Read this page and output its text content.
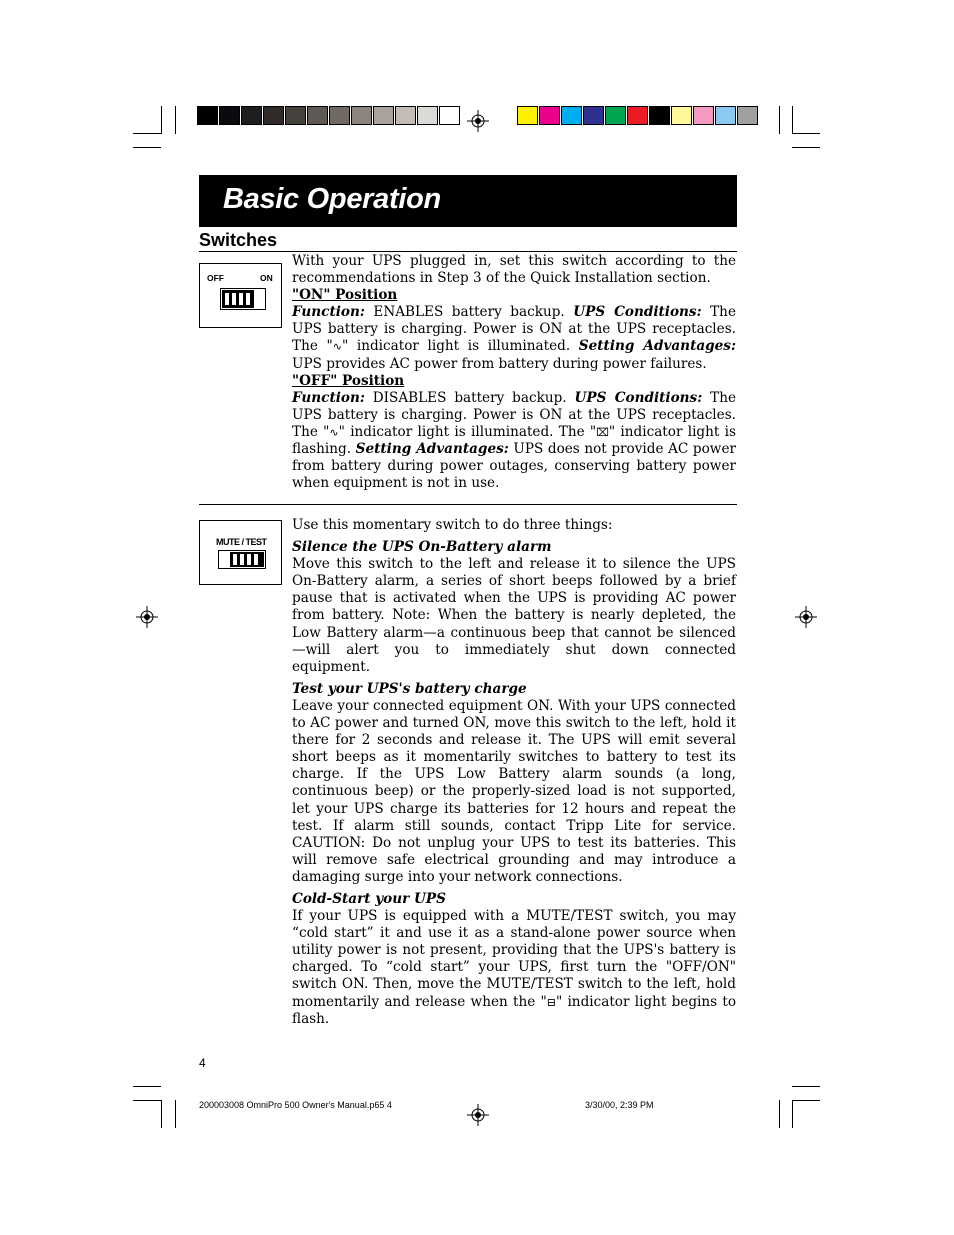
Basic Operation
Switches
OFF	ON

With your UPS plugged in, set this switch according to the recommendations in Step 3 of the Quick Installation section.

"ON" Position

Function: ENABLES battery backup. UPS Conditions: The UPS battery is charging. Power is ON at the UPS receptacles. The "∿" indicator light is illuminated. Setting Advantages: UPS provides AC power from battery during power failures.

"OFF" Position

Function: DISABLES battery backup. UPS Conditions: The UPS battery is charging. Power is ON at the UPS receptacles. The "∿" indicator light is illuminated. The "⌧" indicator light is flashing. Setting Advantages: UPS does not provide AC power from battery during power outages, conserving battery power when equipment is not in use.

MUTE / TEST

Use this momentary switch to do three things:

Silence the UPS On-Battery alarm

Move this switch to the left and release it to silence the UPS On-Battery alarm, a series of short beeps followed by a brief pause that is activated when the UPS is providing AC power from battery. Note: When the battery is nearly depleted, the Low Battery alarm—a continuous beep that cannot be silenced—will alert you to immediately shut down connected equipment.

Test your UPS's battery charge

Leave your connected equipment ON. With your UPS connected to AC power and turned ON, move this switch to the left, hold it there for 2 seconds and release it. The UPS will emit several short beeps as it momentarily switches to battery to test its charge. If the UPS Low Battery alarm sounds (a long, continuous beep) or the properly-sized load is not supported, let your UPS charge its batteries for 12 hours and repeat the test. If alarm still sounds, contact Tripp Lite for service. CAUTION: Do not unplug your UPS to test its batteries. This will remove safe electrical grounding and may introduce a damaging surge into your network connections.

Cold-Start your UPS

If your UPS is equipped with a MUTE/TEST switch, you may “cold start” it and use it as a stand-alone power source when utility power is not present, providing that the UPS's battery is charged. To “cold start” your UPS, first turn the "OFF/ON" switch ON. Then, move the MUTE/TEST switch to the left, hold momentarily and release when the "⊟" indicator light begins to flash.

4
200003008 OmniPro 500 Owner's Manual.p65 4	3/30/00, 2:39 PM
